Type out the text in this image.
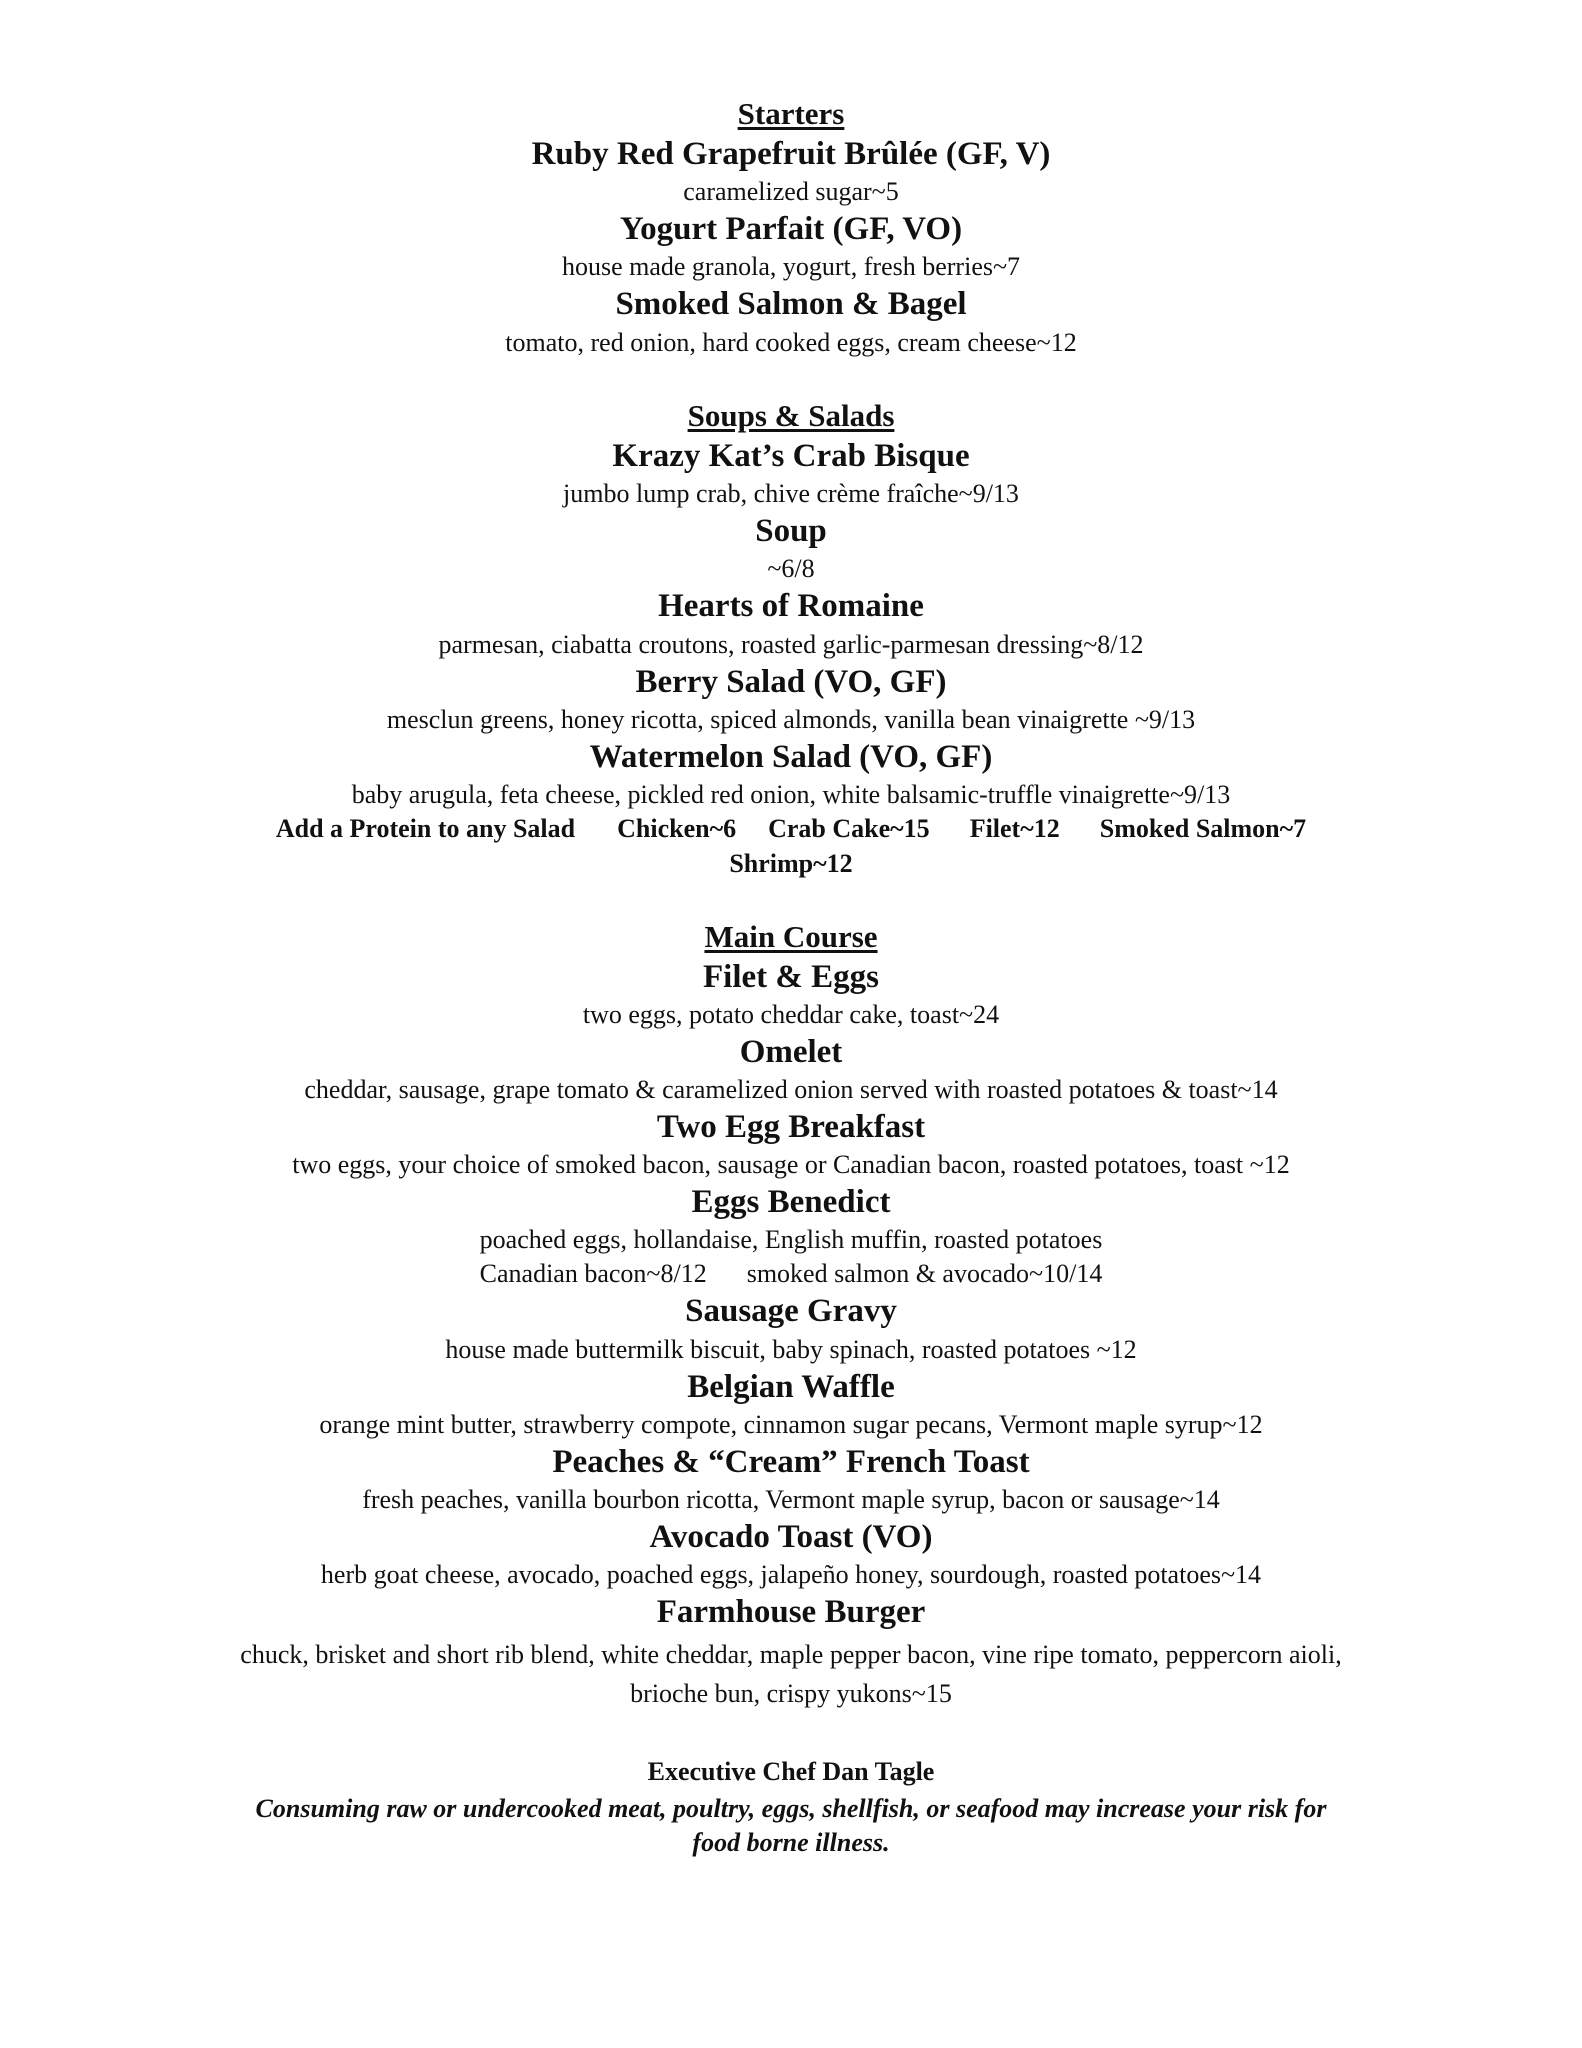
Starters
Ruby Red Grapefruit Brûlée (GF, V)
caramelized sugar~5
Yogurt Parfait (GF, VO)
house made granola, yogurt, fresh berries~7
Smoked Salmon & Bagel
tomato, red onion, hard cooked eggs, cream cheese~12
Soups & Salads
Krazy Kat’s Crab Bisque
jumbo lump crab, chive crème fraîche~9/13
Soup
~6/8
Hearts of Romaine
parmesan, ciabatta croutons, roasted garlic-parmesan dressing~8/12
Berry Salad (VO, GF)
mesclun greens, honey ricotta, spiced almonds, vanilla bean vinaigrette ~9/13
Watermelon Salad (VO, GF)
baby arugula, feta cheese, pickled red onion, white balsamic-truffle vinaigrette~9/13
Add a Protein to any Salad Chicken~6 Crab Cake~15 Filet~12 Smoked Salmon~7
Shrimp~12
Main Course
Filet & Eggs
two eggs, potato cheddar cake, toast~24
Omelet
cheddar, sausage, grape tomato & caramelized onion served with roasted potatoes & toast~14
Two Egg Breakfast
two eggs, your choice of smoked bacon, sausage or Canadian bacon, roasted potatoes, toast ~12
Eggs Benedict
poached eggs, hollandaise, English muffin, roasted potatoes
Canadian bacon~8/12 smoked salmon & avocado~10/14
Sausage Gravy
house made buttermilk biscuit, baby spinach, roasted potatoes ~12
Belgian Waffle
orange mint butter, strawberry compote, cinnamon sugar pecans, Vermont maple syrup~12
Peaches & “Cream” French Toast
fresh peaches, vanilla bourbon ricotta, Vermont maple syrup, bacon or sausage~14
Avocado Toast (VO)
herb goat cheese, avocado, poached eggs, jalapeño honey, sourdough, roasted potatoes~14
Farmhouse Burger
chuck, brisket and short rib blend, white cheddar, maple pepper bacon, vine ripe tomato, peppercorn aioli,
brioche bun, crispy yukons~15
Executive Chef Dan Tagle
Consuming raw or undercooked meat, poultry, eggs, shellfish, or seafood may increase your risk for
food borne illness.
